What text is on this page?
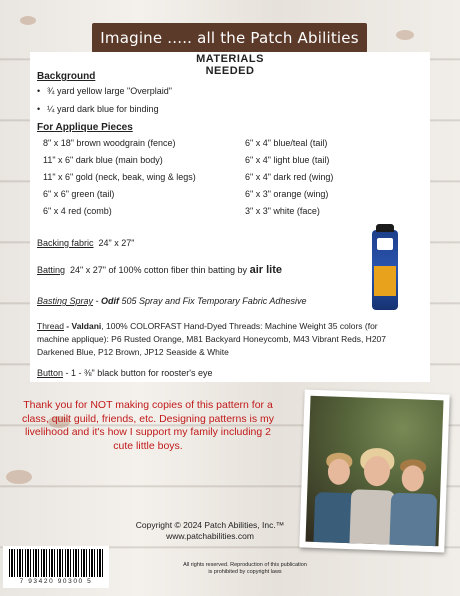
Imagine ..... all the Patch Abilities
MATERIALS NEEDED
Background
• ¾ yard yellow large "Overplaid"
• ¼ yard dark blue for binding
For Applique Pieces
8" x 18" brown woodgrain (fence)
11" x 6" dark blue (main body)
11" x 6" gold (neck, beak, wing & legs)
6" x 6" green (tail)
6" x 4 red (comb)
6" x 4" blue/teal (tail)
6" x 4" light blue (tail)
6" x 4" dark red (wing)
6" x 3" orange (wing)
3" x 3" white (face)
Backing fabric 24" x 27"
Batting 24" x 27" of 100% cotton fiber thin batting by air lite
Basting Spray - Odif 505 Spray and Fix Temporary Fabric Adhesive
Thread - Valdani, 100% COLORFAST Hand-Dyed Threads: Machine Weight 35 colors (for machine applique): P6 Rusted Orange, M81 Backyard Honeycomb, M43 Vibrant Reds, H207 Darkened Blue, P12 Brown, JP12 Seaside & White
Button - 1 - ⅜" black button for rooster's eye
Thank you for NOT making copies of this pattern for a class, quilt guild, friends, etc. Designing patterns is my livelihood and it's how I support my family including 2 cute little boys.
Copyright © 2024 Patch Abilities, Inc.™
www.patchabilities.com
7 93420 90300 5
All rights reserved. Reproduction of this publication
is prohibited by copyright laws
